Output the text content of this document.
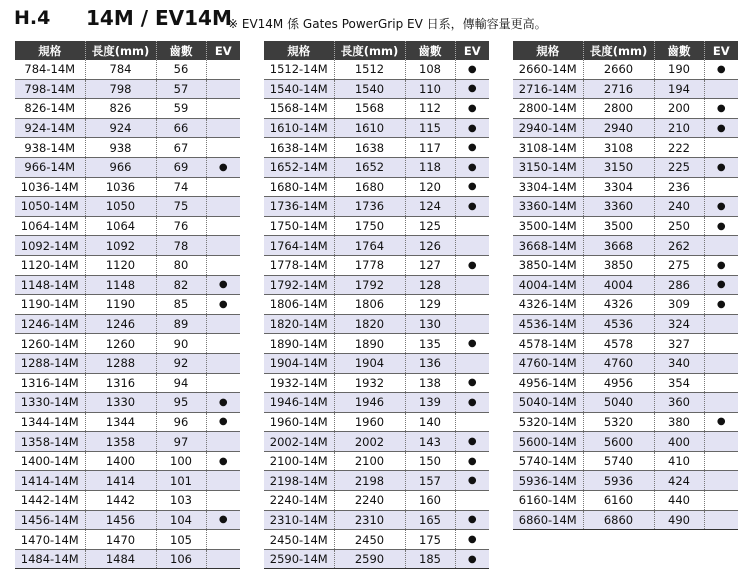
H.4 14M / EV14M
※ EV14M 係 Gates PowerGrip EV 日系，傳輸容量更高。
規格	長度(mm)	齒數	EV
784-14M	784	56	
798-14M	798	57	
826-14M	826	59	
924-14M	924	66	
938-14M	938	67	
966-14M	966	69	●
1036-14M	1036	74	
1050-14M	1050	75	
1064-14M	1064	76	
1092-14M	1092	78	
1120-14M	1120	80	
1148-14M	1148	82	●
1190-14M	1190	85	●
1246-14M	1246	89	
1260-14M	1260	90	
1288-14M	1288	92	
1316-14M	1316	94	
1330-14M	1330	95	●
1344-14M	1344	96	●
1358-14M	1358	97	
1400-14M	1400	100	●
1414-14M	1414	101	
1442-14M	1442	103	
1456-14M	1456	104	●
1470-14M	1470	105	
1484-14M	1484	106	
規格	長度(mm)	齒數	EV
1512-14M	1512	108	●
1540-14M	1540	110	●
1568-14M	1568	112	●
1610-14M	1610	115	●
1638-14M	1638	117	●
1652-14M	1652	118	●
1680-14M	1680	120	●
1736-14M	1736	124	●
1750-14M	1750	125	
1764-14M	1764	126	
1778-14M	1778	127	●
1792-14M	1792	128	
1806-14M	1806	129	
1820-14M	1820	130	
1890-14M	1890	135	●
1904-14M	1904	136	
1932-14M	1932	138	●
1946-14M	1946	139	●
1960-14M	1960	140	
2002-14M	2002	143	●
2100-14M	2100	150	●
2198-14M	2198	157	●
2240-14M	2240	160	
2310-14M	2310	165	●
2450-14M	2450	175	●
2590-14M	2590	185	●
規格	長度(mm)	齒數	EV
2660-14M	2660	190	●
2716-14M	2716	194	
2800-14M	2800	200	●
2940-14M	2940	210	●
3108-14M	3108	222	
3150-14M	3150	225	●
3304-14M	3304	236	
3360-14M	3360	240	●
3500-14M	3500	250	●
3668-14M	3668	262	
3850-14M	3850	275	●
4004-14M	4004	286	●
4326-14M	4326	309	●
4536-14M	4536	324	
4578-14M	4578	327	
4760-14M	4760	340	
4956-14M	4956	354	
5040-14M	5040	360	
5320-14M	5320	380	●
5600-14M	5600	400	
5740-14M	5740	410	
5936-14M	5936	424	
6160-14M	6160	440	
6860-14M	6860	490	
